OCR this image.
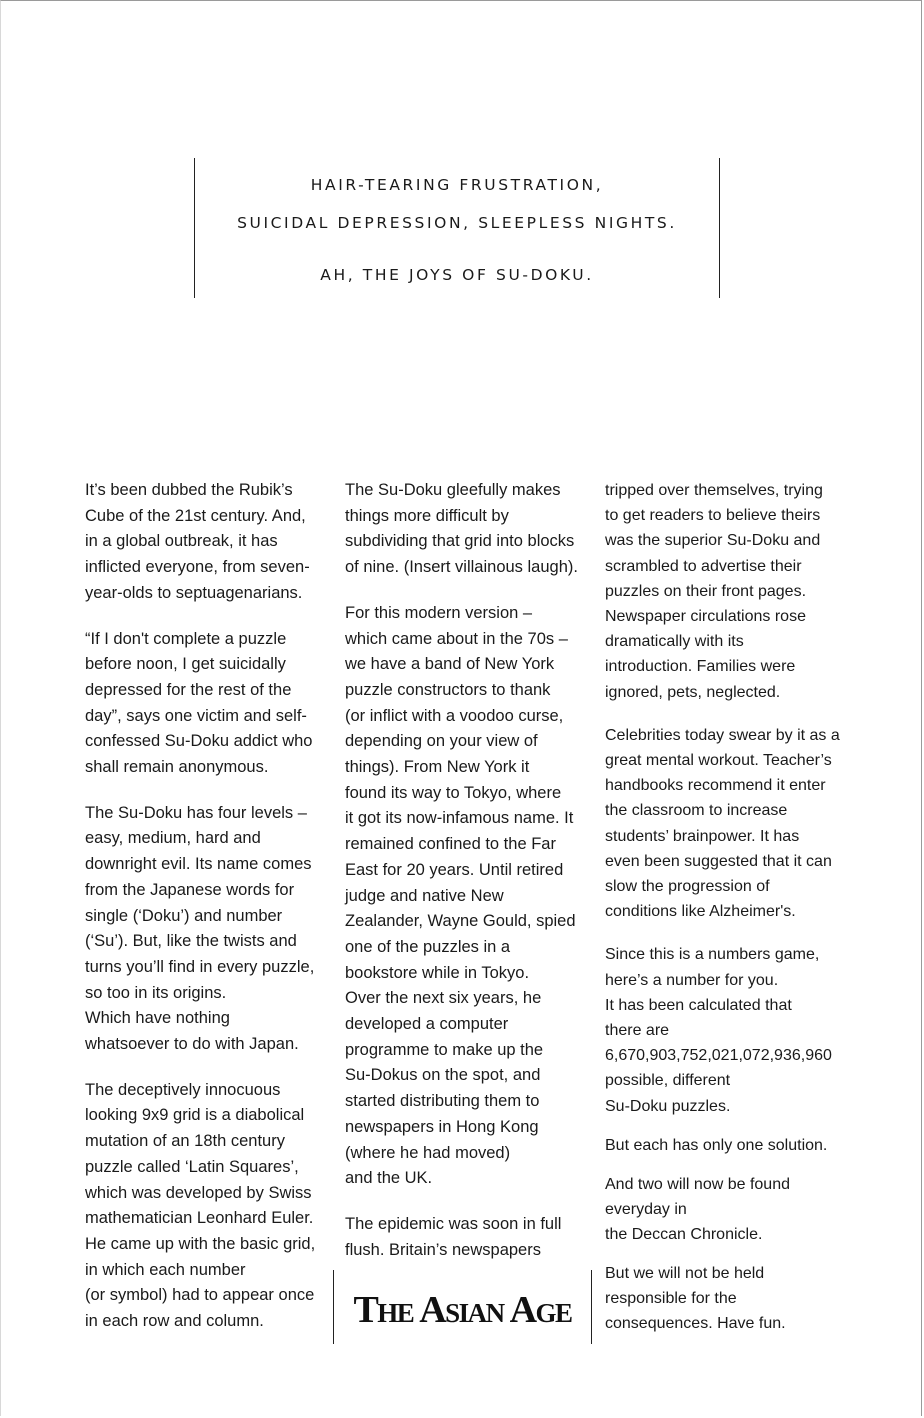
HAIR-TEARING FRUSTRATION,
SUICIDAL DEPRESSION, SLEEPLESS NIGHTS.
AH, THE JOYS OF SU-DOKU.

It’s been dubbed the Rubik’s
Cube of the 21st century. And,
in a global outbreak, it has
inflicted everyone, from seven-
year-olds to septuagenarians.

“If I don't complete a puzzle
before noon, I get suicidally
depressed for the rest of the
day”, says one victim and self-
confessed Su-Doku addict who
shall remain anonymous.

The Su-Doku has four levels –
easy, medium, hard and
downright evil. Its name comes
from the Japanese words for
single (‘Doku’) and number
(‘Su’). But, like the twists and
turns you’ll find in every puzzle,
so too in its origins.
Which have nothing
whatsoever to do with Japan.

The deceptively innocuous
looking 9x9 grid is a diabolical
mutation of an 18th century
puzzle called ‘Latin Squares’,
which was developed by Swiss
mathematician Leonhard Euler.
He came up with the basic grid,
in which each number
(or symbol) had to appear once
in each row and column.

The Su-Doku gleefully makes
things more difficult by
subdividing that grid into blocks
of nine. (Insert villainous laugh).

For this modern version –
which came about in the 70s –
we have a band of New York
puzzle constructors to thank
(or inflict with a voodoo curse,
depending on your view of
things). From New York it
found its way to Tokyo, where
it got its now-infamous name. It
remained confined to the Far
East for 20 years. Until retired
judge and native New
Zealander, Wayne Gould, spied
one of the puzzles in a
bookstore while in Tokyo.
Over the next six years, he
developed a computer
programme to make up the
Su-Dokus on the spot, and
started distributing them to
newspapers in Hong Kong
(where he had moved)
and the UK.

The epidemic was soon in full
flush. Britain’s newspapers

tripped over themselves, trying
to get readers to believe theirs
was the superior Su-Doku and
scrambled to advertise their
puzzles on their front pages.
Newspaper circulations rose
dramatically with its
introduction. Families were
ignored, pets, neglected.

Celebrities today swear by it as a
great mental workout. Teacher’s
handbooks recommend it enter
the classroom to increase
students’ brainpower. It has
even been suggested that it can
slow the progression of
conditions like Alzheimer's.

Since this is a numbers game,
here’s a number for you.
It has been calculated that
there are
6,670,903,752,021,072,936,960
possible, different
Su-Doku puzzles.

But each has only one solution.

And two will now be found
everyday in
the Deccan Chronicle.

But we will not be held
responsible for the
consequences. Have fun.

The Asian Age
